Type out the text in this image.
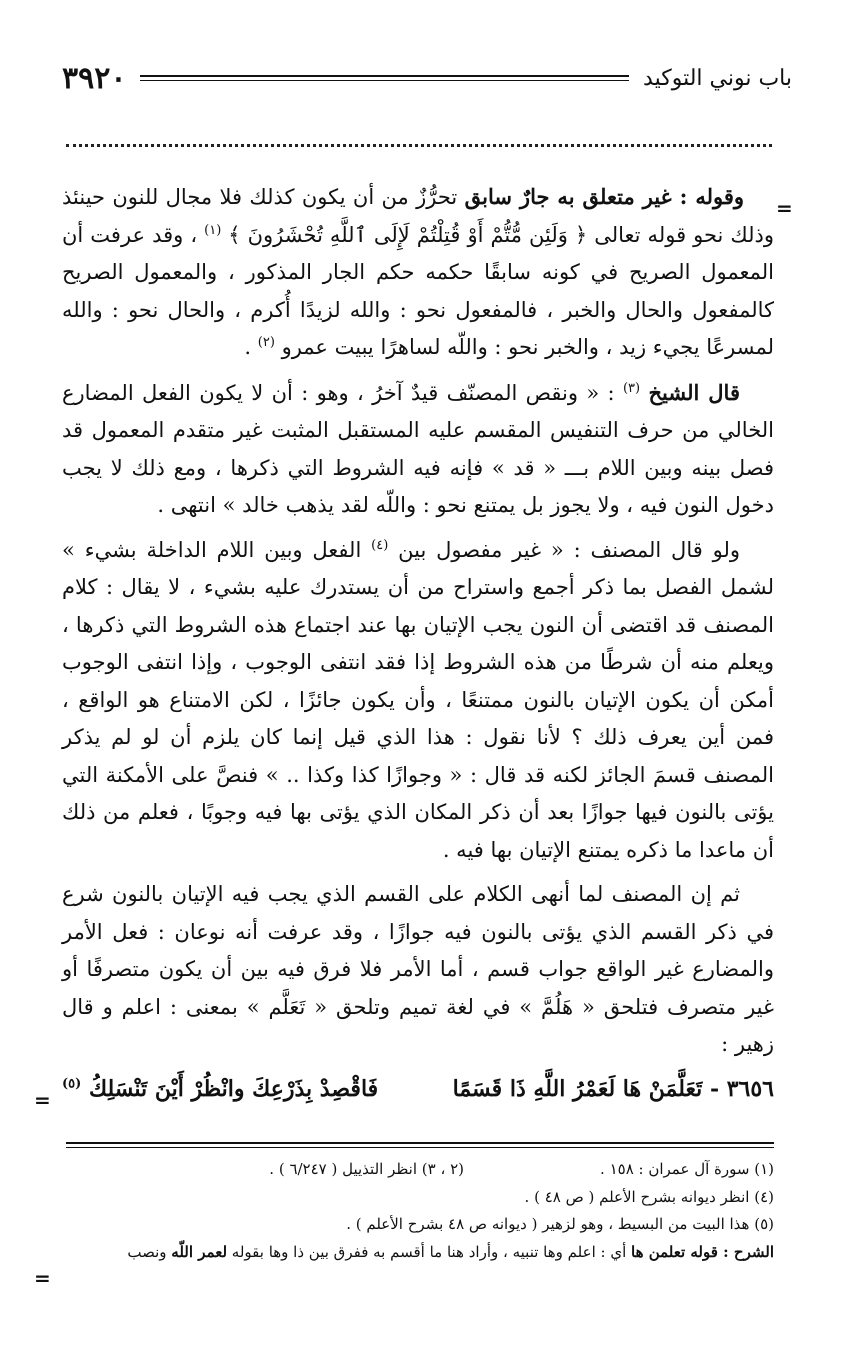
٣٩٢٠	باب نوني التوكيد
=
=
=

وقوله : غير متعلق به جارٌ سابق تحرُّزٌ من أن يكون كذلك فلا مجال للنون حينئذ وذلك نحو قوله تعالى ﴿ وَلَئِن مُّتُّمْ أَوْ قُتِلْتُمْ لَإِلَى ٱللَّهِ تُحْشَرُونَ ﴾ $^{(١)}$ ، وقد عرفت أن المعمول الصريح في كونه سابقًا حكمه حكم الجار المذكور ، والمعمول الصريح كالمفعول والحال والخبر ، فالمفعول نحو : والله لزيدًا أُكرم ، والحال نحو : والله لمسرعًا يجيء زيد ، والخبر نحو : واللّه لساهرًا يبيت عمرو $^{(٢)}$ .

قال الشيخ $^{(٣)}$ : « ونقص المصنّف قيدٌ آخرُ ، وهو : أن لا يكون الفعل المضارع الخالي من حرف التنفيس المقسم عليه المستقبل المثبت غير متقدم المعمول قد فصل بينه وبين اللام بـــ « قد » فإنه فيه الشروط التي ذكرها ، ومع ذلك لا يجب دخول النون فيه ، ولا يجوز بل يمتنع نحو : واللّه لقد يذهب خالد » انتهى .

ولو قال المصنف : « غير مفصول بين $^{(٤)}$ الفعل وبين اللام الداخلة بشيء » لشمل الفصل بما ذكر أجمع واستراح من أن يستدرك عليه بشيء ، لا يقال : كلام المصنف قد اقتضى أن النون يجب الإتيان بها عند اجتماع هذه الشروط التي ذكرها ، ويعلم منه أن شرطًا من هذه الشروط إذا فقد انتفى الوجوب ، وإذا انتفى الوجوب أمكن أن يكون الإتيان بالنون ممتنعًا ، وأن يكون جائزًا ، لكن الامتناع هو الواقع ، فمن أين يعرف ذلك ؟ لأنا نقول : هذا الذي قيل إنما كان يلزم أن لو لم يذكر المصنف قسمَ الجائز لكنه قد قال : « وجوازًا كذا وكذا .. » فنصَّ على الأمكنة التي يؤتى بالنون فيها جوازًا بعد أن ذكر المكان الذي يؤتى بها فيه وجوبًا ، فعلم من ذلك أن ماعدا ما ذكره يمتنع الإتيان بها فيه .

ثم إن المصنف لما أنهى الكلام على القسم الذي يجب فيه الإتيان بالنون شرع في ذكر القسم الذي يؤتى بالنون فيه جوازًا ، وقد عرفت أنه نوعان : فعل الأمر والمضارع غير الواقع جواب قسم ، أما الأمر فلا فرق فيه بين أن يكون متصرفًا أو غير متصرف فتلحق « هَلُمَّ » في لغة تميم وتلحق « تَعَلَّم » بمعنى : اعلم و قال زهير :

٣٦٥٦ - تَعَلَّمَنْ هَا لَعَمْرُ اللَّهِ ذَا قَسَمًا
فَاقْصِدْ بِذَرْعِكَ وانْظُرْ أَيْنَ تَنْسَلِكُ $^{(٥)}$
(١) سورة آل عمران : ١٥٨ .
(٢ ، ٣) انظر التذييل ( ٦/٢٤٧ ) .
(٤) انظر ديوانه بشرح الأعلم ( ص ٤٨ ) .
(٥) هذا البيت من البسيط ، وهو لزهير ( ديوانه ص ٤٨ بشرح الأعلم ) .
الشرح : قوله تعلمن ها أي : اعلم وها تنبيه ، وأراد هنا ما أقسم به ففرق بين ذا وها بقوله لعمر اللّه ونصب
